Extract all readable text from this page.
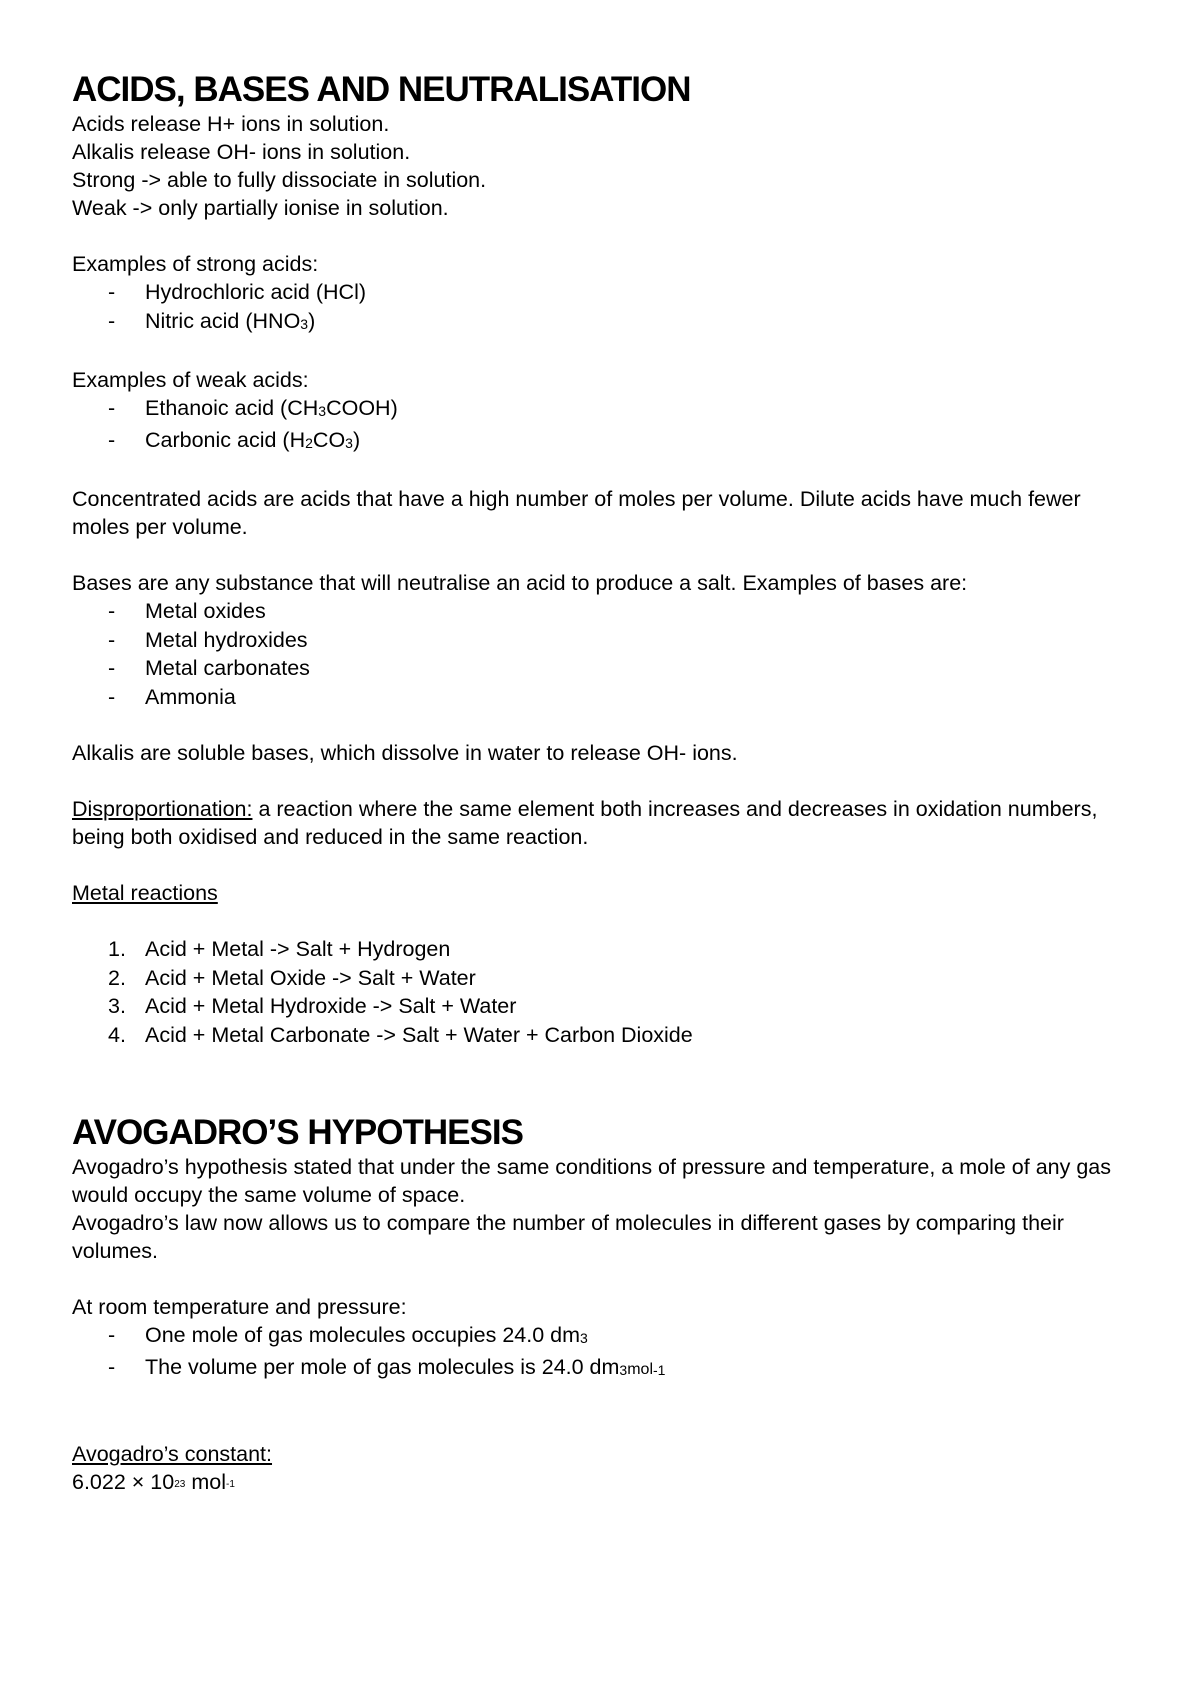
ACIDS, BASES AND NEUTRALISATION

Acids release H+ ions in solution.

Alkalis release OH- ions in solution.

Strong -> able to fully dissociate in solution.

Weak -> only partially ionise in solution.

Examples of strong acids:

- Hydrochloric acid (HCl)
- Nitric acid $(HNO_3)$

Examples of weak acids:

- Ethanoic acid $(CH_3COOH)$
- Carbonic acid $(H_2CO_3)$

Concentrated acids are acids that have a high number of moles per volume. Dilute acids have much fewer moles per volume.

Bases are any substance that will neutralise an acid to produce a salt. Examples of bases are:

- Metal oxides
- Metal hydroxides
- Metal carbonates
- Ammonia

Alkalis are soluble bases, which dissolve in water to release OH- ions.

Disproportionation: a reaction where the same element both increases and decreases in oxidation numbers, being both oxidised and reduced in the same reaction.

Metal reactions

1. Acid + Metal -> Salt + Hydrogen
2. Acid + Metal Oxide -> Salt + Water
3. Acid + Metal Hydroxide -> Salt + Water
4. Acid + Metal Carbonate -> Salt + Water + Carbon Dioxide
AVOGADRO’S HYPOTHESIS

Avogadro’s hypothesis stated that under the same conditions of pressure and temperature, a mole of any gas would occupy the same volume of space.

Avogadro’s law now allows us to compare the number of molecules in different gases by comparing their volumes.

At room temperature and pressure:

- One mole of gas molecules occupies 24.0 $dm_3$
- The volume per mole of gas molecules is 24.0 $dm_3mol_{-1}$

Avogadro’s constant:

6.022 × 1023 mol-1
